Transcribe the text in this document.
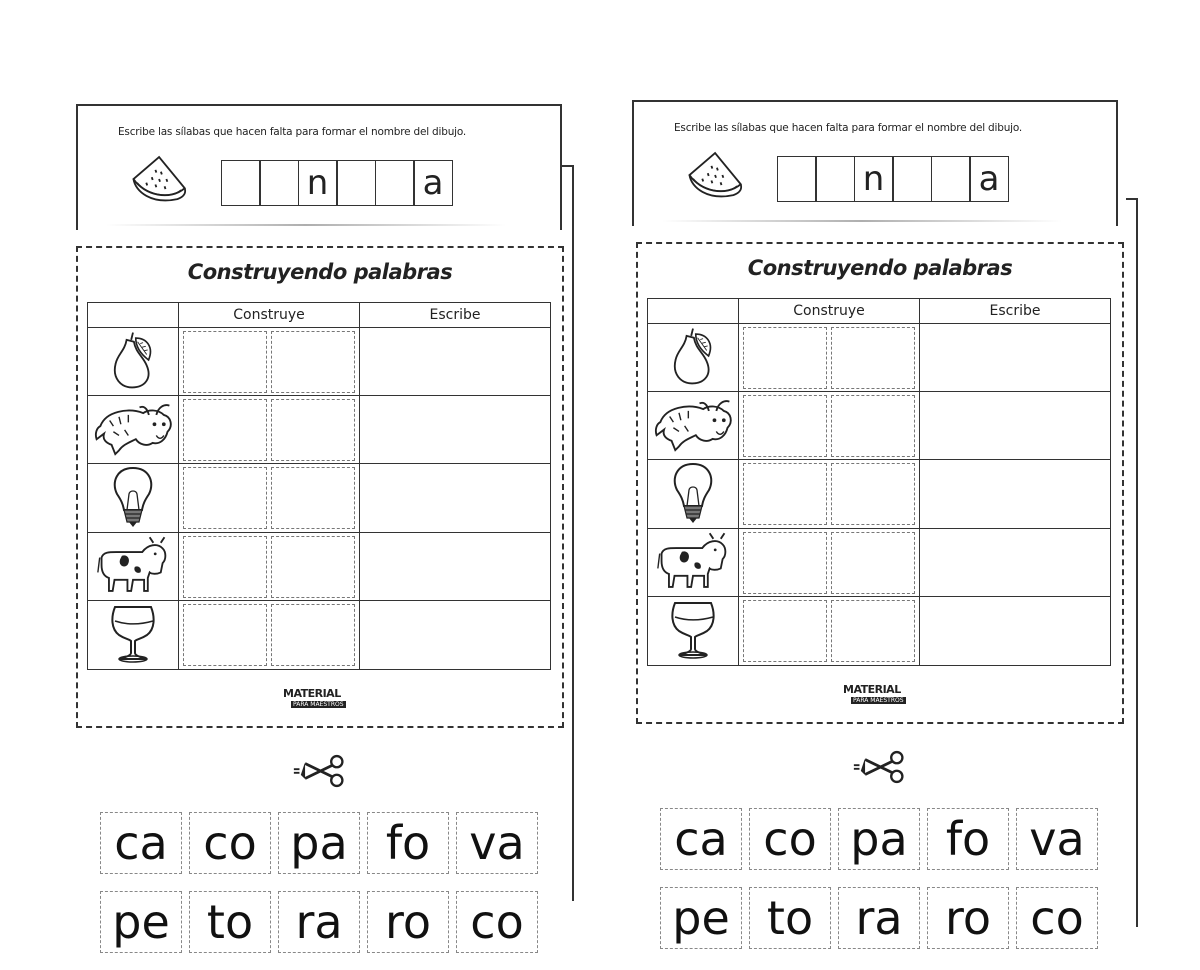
Escribe las sílabas que hacen falta para formar el nombre del dibujo.
n	a
Construyendo palabras
	Construye	Escribe

MATERIAL
PARA MAESTROS
ca co pa fo va
pe to ra ro co
Escribe las sílabas que hacen falta para formar el nombre del dibujo.
n	a
Construyendo palabras
	Construye	Escribe

MATERIAL
PARA MAESTROS
ca co pa fo va
pe to ra ro co
